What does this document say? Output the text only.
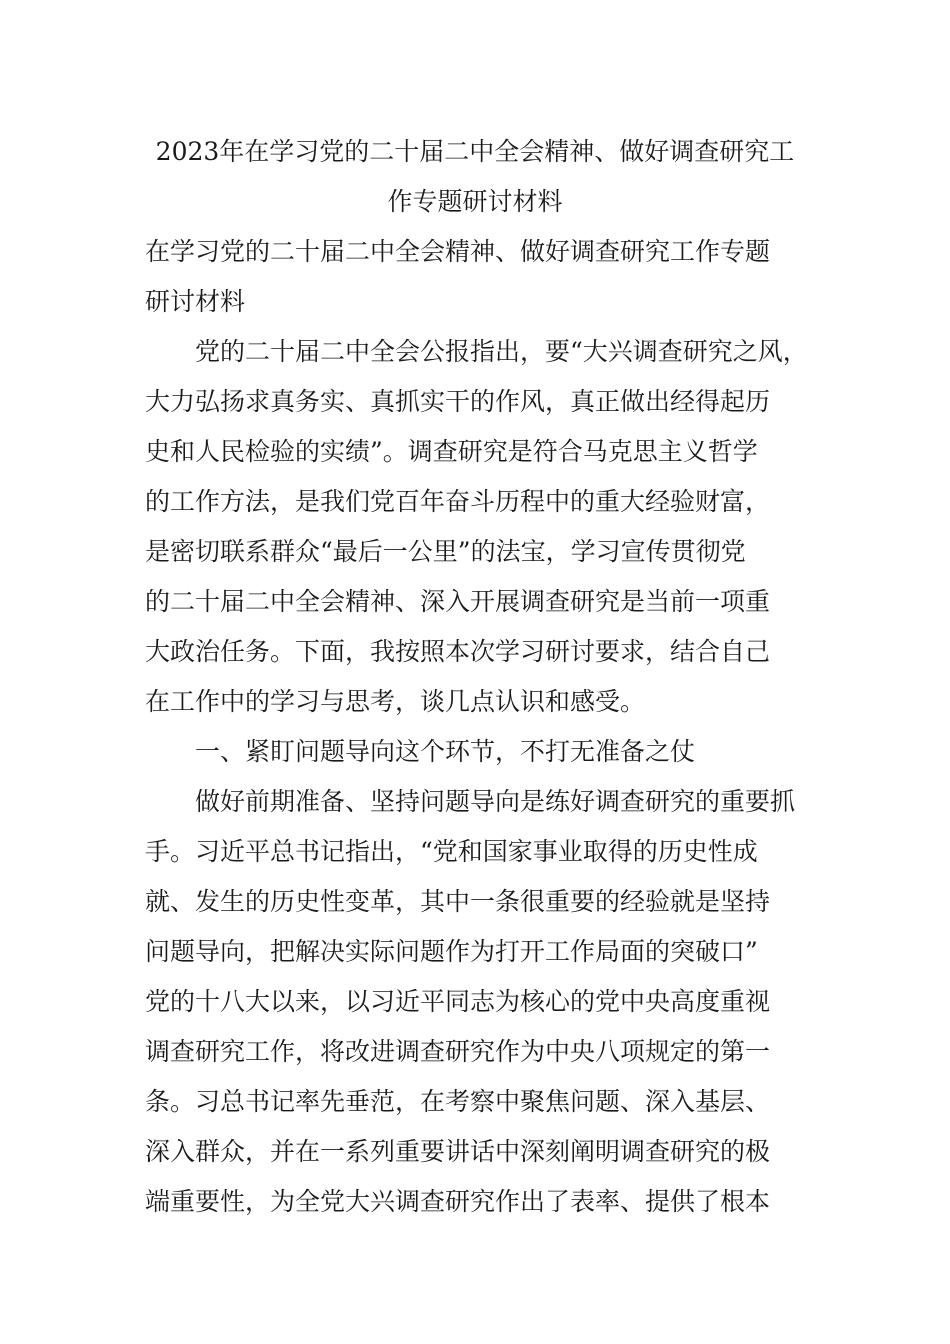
2023年在学习党的二十届二中全会精神、做好调查研究工
作专题研讨材料
在学习党的二十届二中全会精神、做好调查研究工作专题
研讨材料
　　党的二十届二中全会公报指出，要“大兴调查研究之风，
大力弘扬求真务实、真抓实干的作风，真正做出经得起历
史和人民检验的实绩”。调查研究是符合马克思主义哲学
的工作方法，是我们党百年奋斗历程中的重大经验财富，
是密切联系群众“最后一公里”的法宝，学习宣传贯彻党
的二十届二中全会精神、深入开展调查研究是当前一项重
大政治任务。下面，我按照本次学习研讨要求，结合自己
在工作中的学习与思考，谈几点认识和感受。
　　一、紧盯问题导向这个环节，不打无准备之仗
　　做好前期准备、坚持问题导向是练好调查研究的重要抓
手。习近平总书记指出，“党和国家事业取得的历史性成
就、发生的历史性变革，其中一条很重要的经验就是坚持
问题导向，把解决实际问题作为打开工作局面的突破口”
党的十八大以来，以习近平同志为核心的党中央高度重视
调查研究工作，将改进调查研究作为中央八项规定的第一
条。习总书记率先垂范，在考察中聚焦问题、深入基层、
深入群众，并在一系列重要讲话中深刻阐明调查研究的极
端重要性，为全党大兴调查研究作出了表率、提供了根本
